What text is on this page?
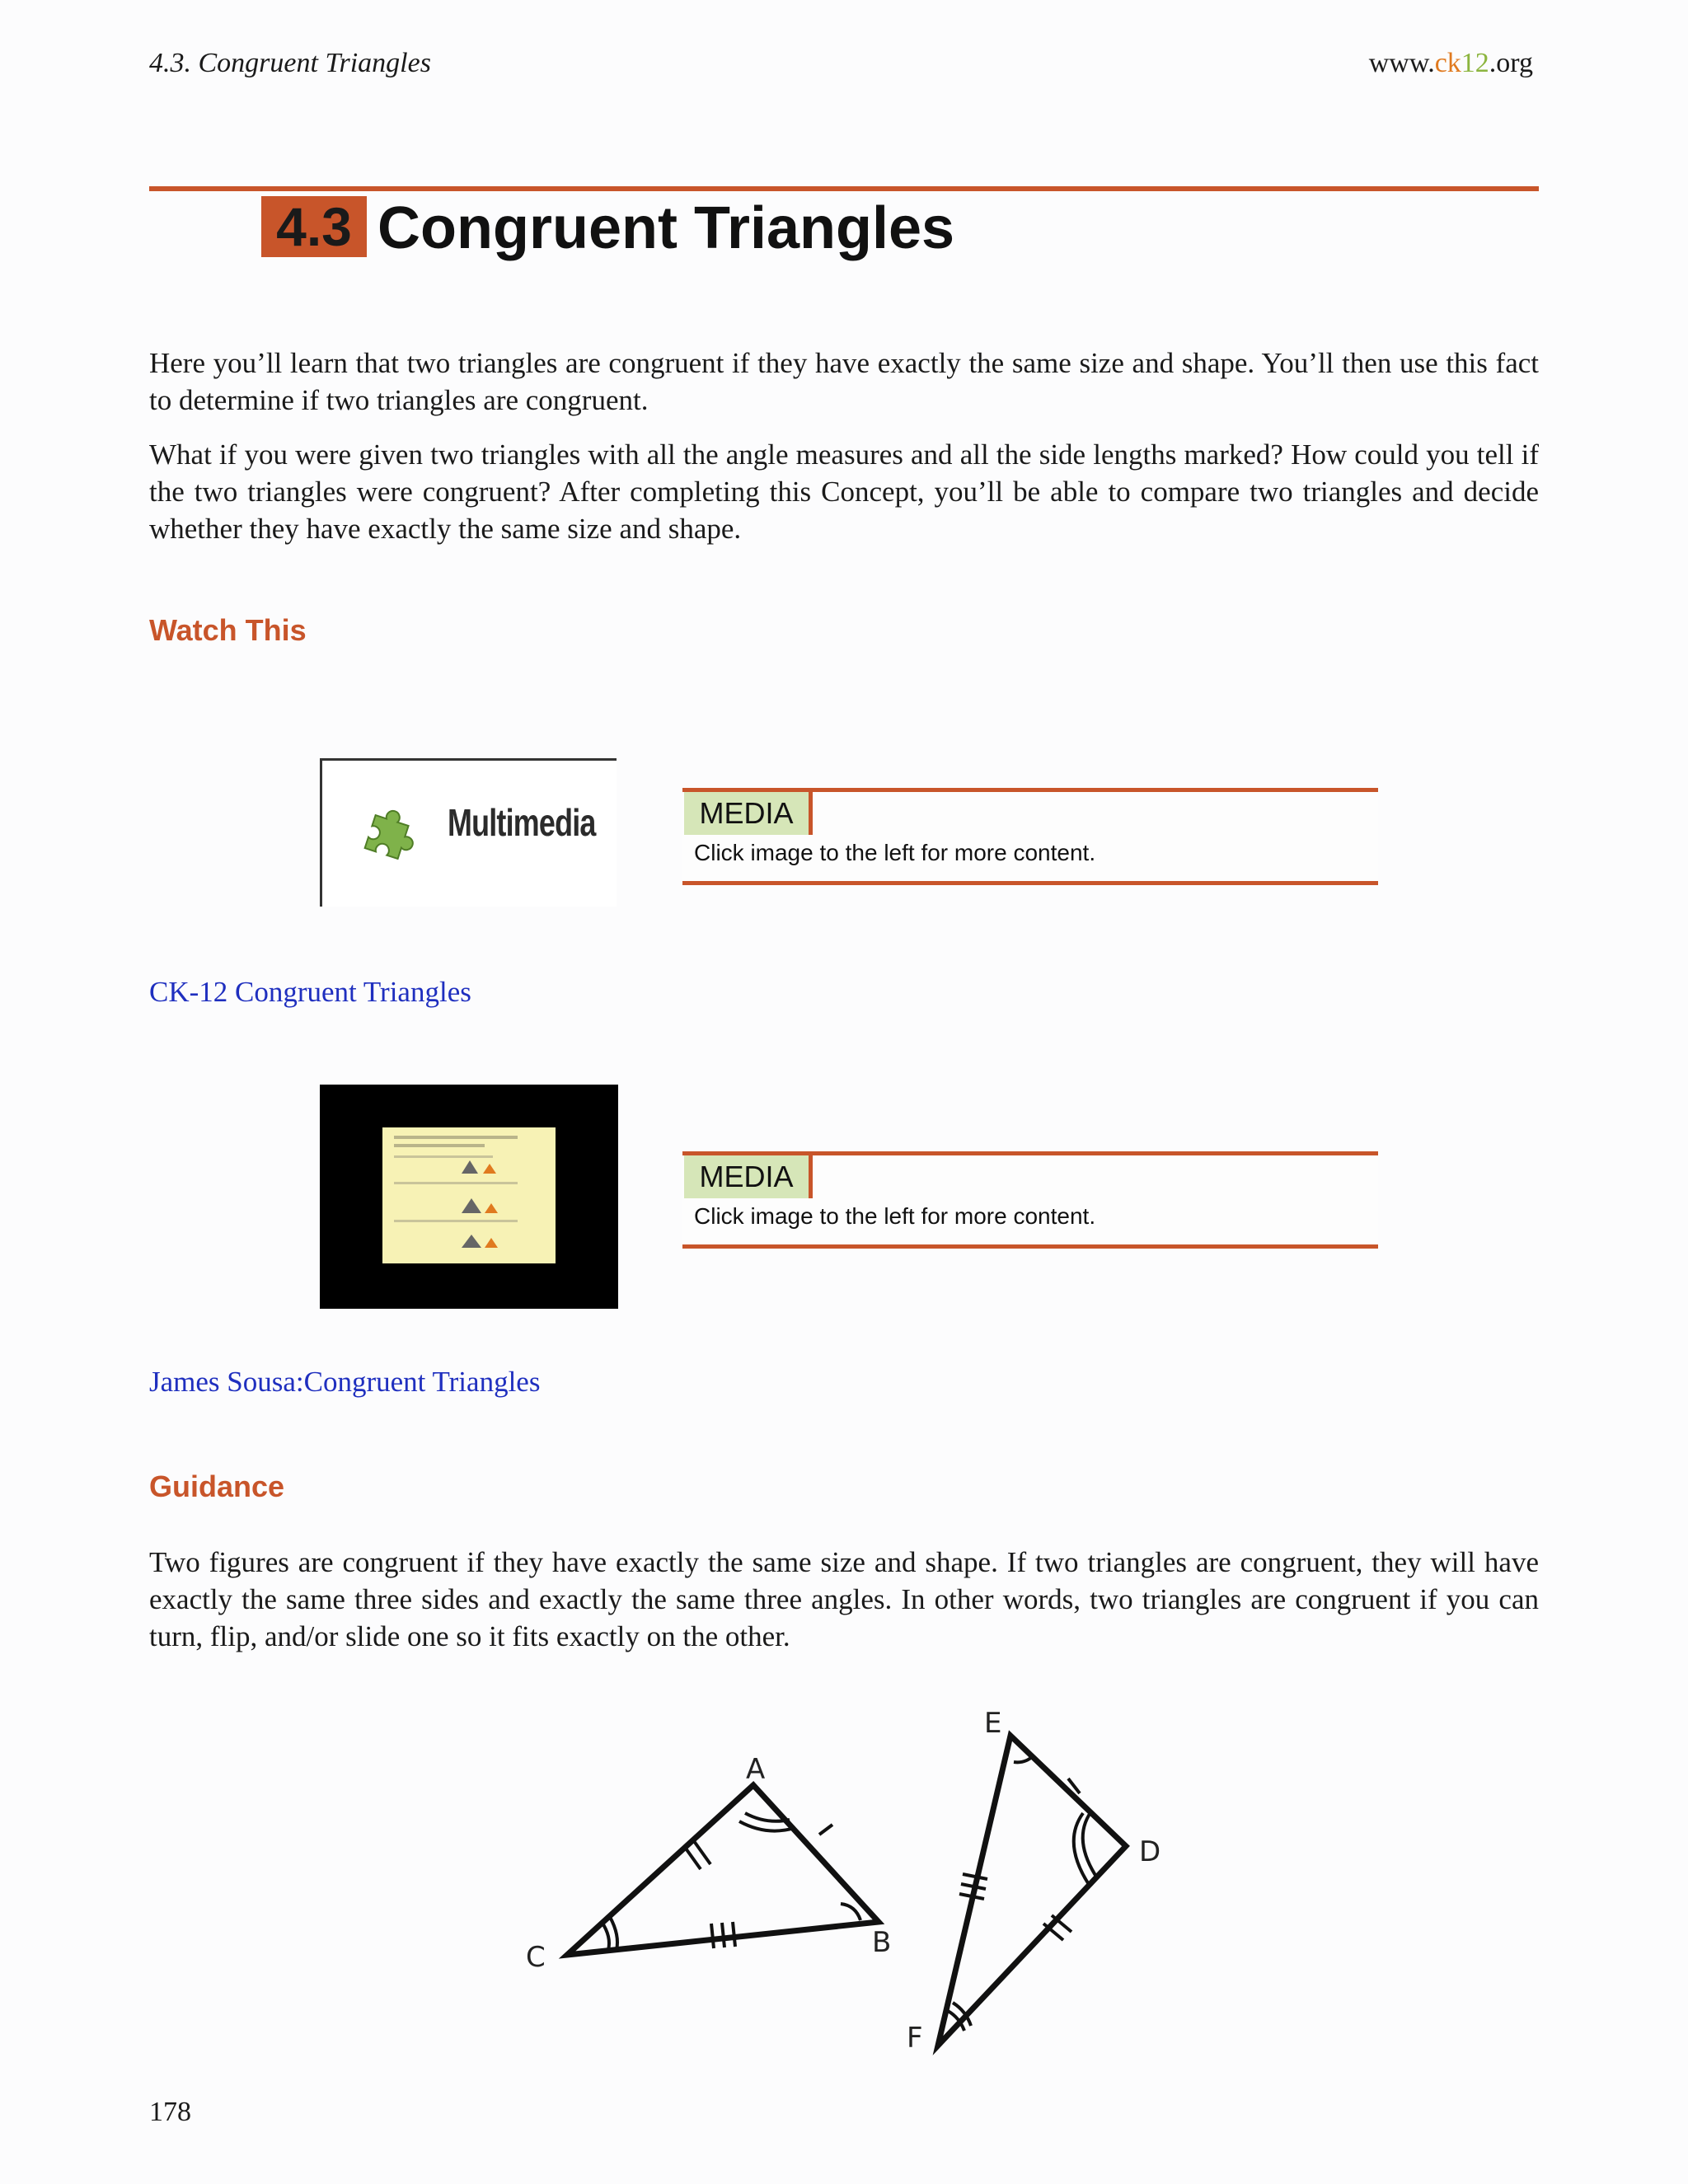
4.3. Congruent Triangles	www.ck12.org
4.3 Congruent Triangles

Here you’ll learn that two triangles are congruent if they have exactly the same size and shape. You’ll then use this fact to determine if two triangles are congruent.

What if you were given two triangles with all the angle measures and all the side lengths marked? How could you tell if the two triangles were congruent? After completing this Concept, you’ll be able to compare two triangles and decide whether they have exactly the same size and shape.

Watch This
Multimedia	MEDIA
Click image to the left for more content.
CK-12 Congruent Triangles
MEDIA
Click image to the left for more content.
James Sousa:Congruent Triangles
Guidance

Two figures are congruent if they have exactly the same size and shape. If two triangles are congruent, they will have exactly the same three sides and exactly the same three angles. In other words, two triangles are congruent if you can turn, flip, and/or slide one so it fits exactly on the other.

A
B
C
D
E
F
178
